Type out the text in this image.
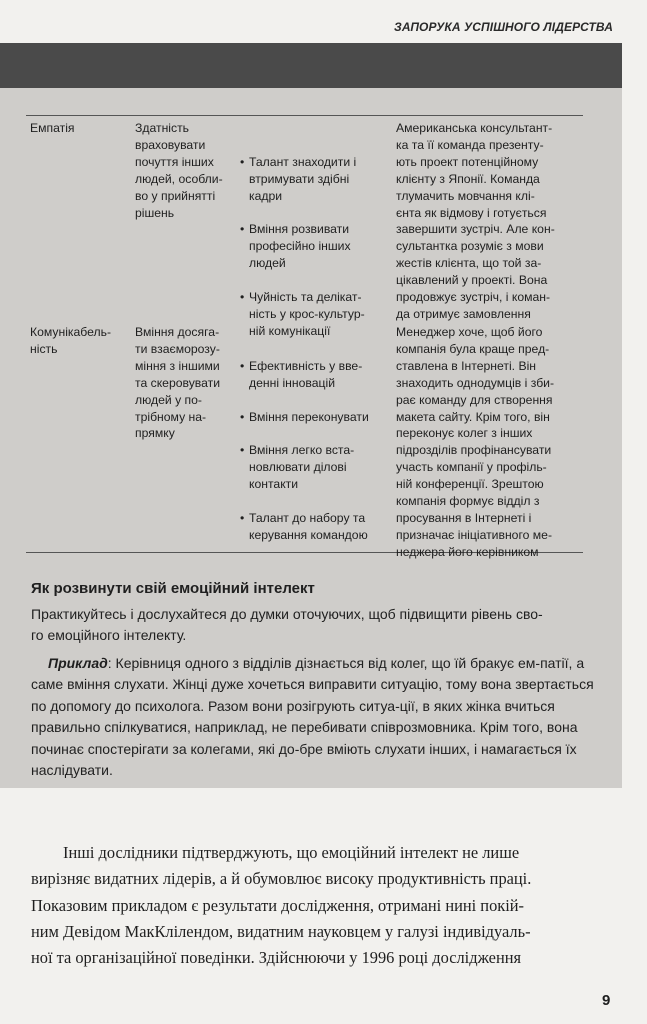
ЗАПОРУКА УСПІШНОГО ЛІДЕРСТВА
Емпатія	Здатність
враховувати
почуття інших
людей, особли-
во у прийнятті
рішень

• Талант знаходити і
втримувати здібні
кадри

• Вміння розвивати
професійно інших
людей

• Чуйність та делікат-
ність у крос-культур-
ній комунікації

Американська консультант-
ка та її команда презенту-
ють проект потенційному
клієнту з Японії. Команда
тлумачить мовчання клі-
єнта як відмову і готується
завершити зустріч. Але кон-
сультантка розуміє з мови
жестів клієнта, що той за-
цікавлений у проекті. Вона
продовжує зустріч, і коман-
да отримує замовлення
Комунікабель-
ність
Вміння досяга-
ти взаєморозу-
міння з іншими
та скеровувати
людей у по-
трібному на-
прямку

• Ефективність у вве-
денні інновацій

• Вміння переконувати

• Вміння легко вста-
новлювати ділові
контакти

• Талант до набору та
керування командою

Менеджер хоче, щоб його
компанія була краще пред-
ставлена в Інтернеті. Він
знаходить однодумців і зби-
рає команду для створення
макета сайту. Крім того, він
переконує колег з інших
підрозділів профінансувати
участь компанії у профіль-
ній конференції. Зрештою
компанія формує відділ з
просування в Інтернеті і
призначає ініціативного ме-
неджера його керівником
Як розвинути свій емоційний інтелект
Практикуйтесь і дослухайтеся до думки оточуючих, щоб підвищити рівень сво-
го емоційного інтелекту.
Приклад: Керівниця одного з відділів дізнається від колег, що їй бракує ем-патії, а саме вміння слухати. Жінці дуже хочеться виправити ситуацію, тому вона звертається по допомогу до психолога. Разом вони розігрують ситуа-ції, в яких жінка вчиться правильно спілкуватися, наприклад, не перебивати співрозмовника. Крім того, вона починає спостерігати за колегами, які до-бре вміють слухати інших, і намагається їх наслідувати.
Інші дослідники підтверджують, що емоційний інтелект не лише
вирізняє видатних лідерів, а й обумовлює високу продуктивність праці.
Показовим прикладом є результати дослідження, отримані нині покій-
ним Девідом МакКлілендом, видатним науковцем у галузі індивідуаль-
ної та організаційної поведінки. Здійснюючи у 1996 році дослідження
9
